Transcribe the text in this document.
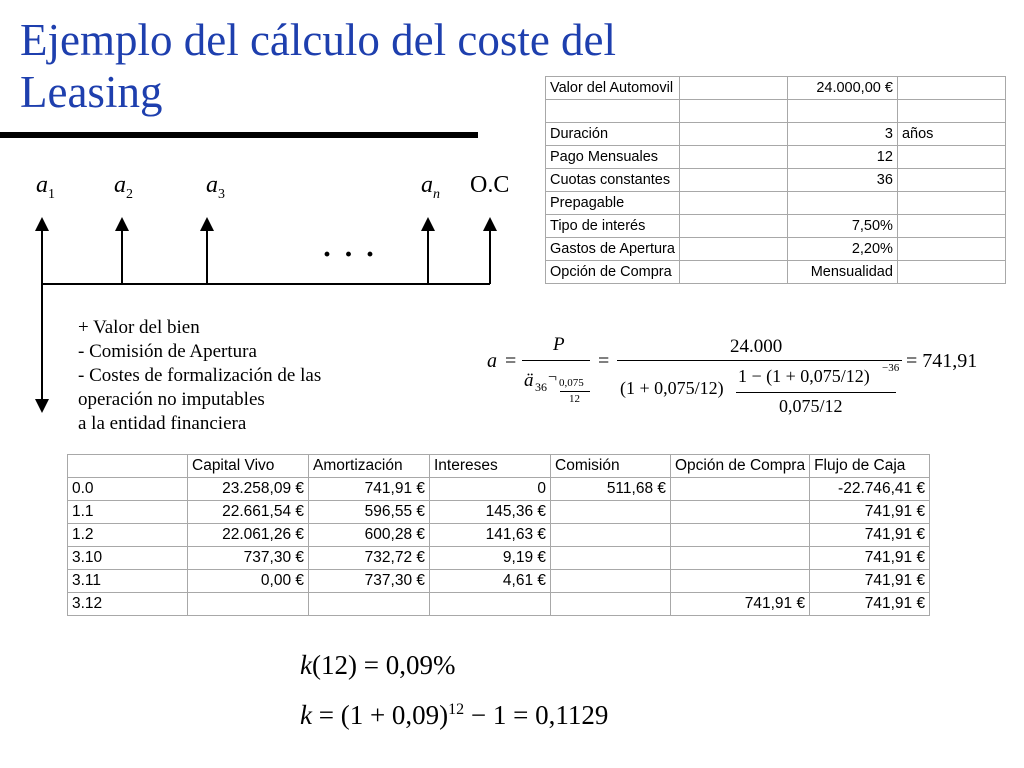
Ejemplo del cálculo del coste del Leasing
$a_1$ $a_2$	$a_3$	$a_n$ O.C
· · ·
+ Valor del bien
- Comisión de Apertura
- Costes de formalización de las
operación no imputables
a la entidad financiera
Valor del Automovil		24.000,00 €	

Duración		3	años
Pago Mensuales		12	
Cuotas constantes		36	
Prepagable			
Tipo de interés		7,50%	
Gastos de Apertura		2,20%	
Opción de Compra		Mensualidad	
a =
P
ä 36
¬ 0,075
12
=
24.000
(1 + 0,075/12)
1 − (1 + 0,075/12) −36
0,075/12
= 741,91
	Capital Vivo	Amortización	Intereses	Comisión	Opción de Compra	Flujo de Caja
0.0	23.258,09 €	741,91 €	0	511,68 €		-22.746,41 €
1.1	22.661,54 €	596,55 €	145,36 €			741,91 €
1.2	22.061,26 €	600,28 €	141,63 €			741,91 €
3.10	737,30 €	732,72 €	9,19 €			741,91 €
3.11	0,00 €	737,30 €	4,61 €			741,91 €
3.12					741,91 €	741,91 €
k(12) = 0,09%
$k = (1 + 0,09)^{12} - 1 = 0,1129$
